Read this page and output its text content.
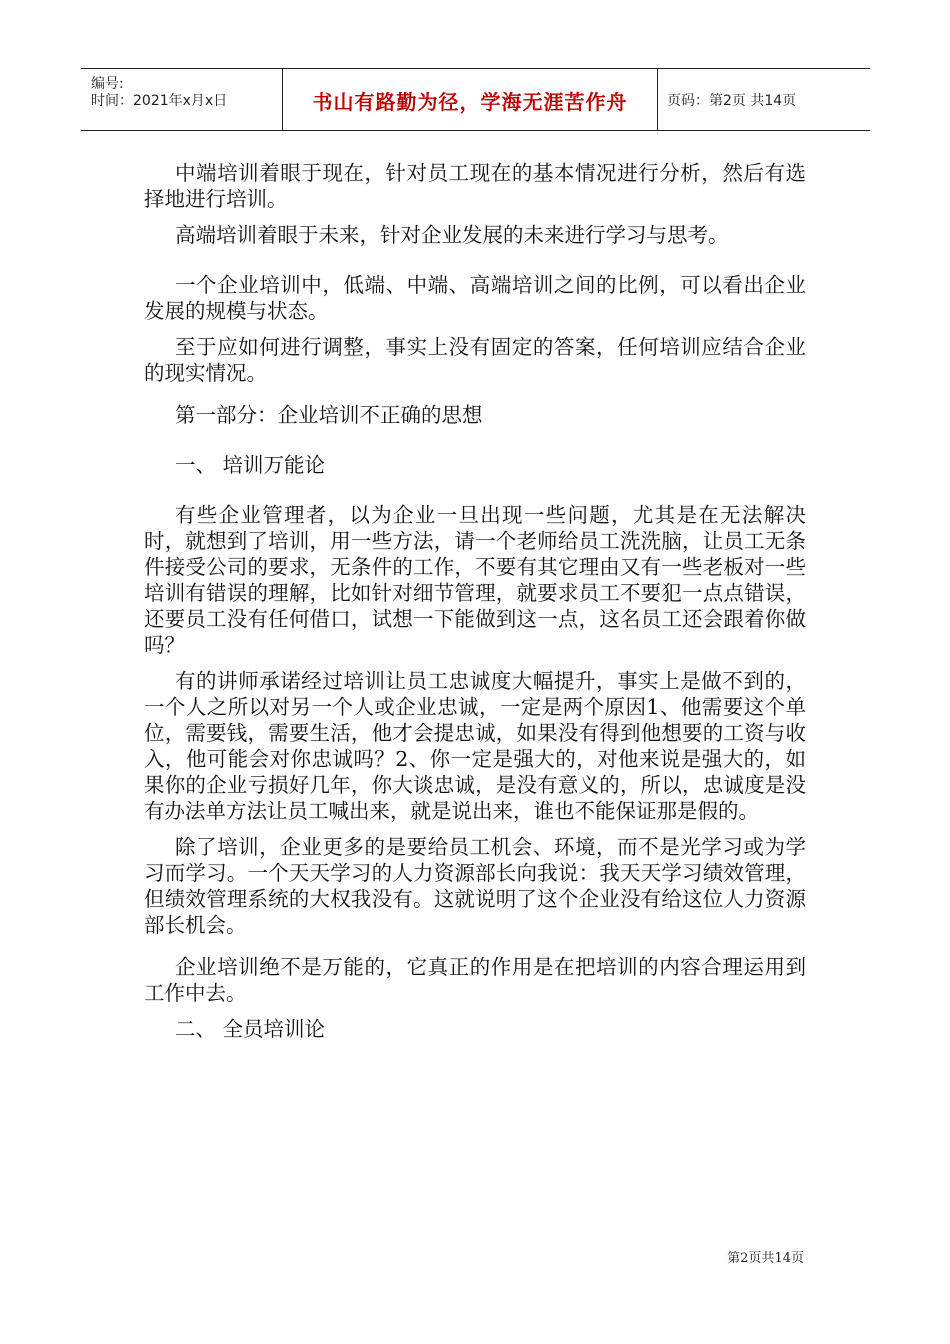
编号:
时间：2021年x月x日	书山有路勤为径，学海无涯苦作舟	页码：第2页 共14页

中端培训着眼于现在，针对员工现在的基本情况进行分析，然后有选择地进行培训。

高端培训着眼于未来，针对企业发展的未来进行学习与思考。

一个企业培训中，低端、中端、高端培训之间的比例，可以看出企业发展的规模与状态。

至于应如何进行调整，事实上没有固定的答案，任何培训应结合企业的现实情况。

第一部分：企业培训不正确的思想

一、 培训万能论

有些企业管理者，以为企业一旦出现一些问题，尤其是在无法解决时，就想到了培训，用一些方法，请一个老师给员工洗洗脑，让员工无条件接受公司的要求，无条件的工作，不要有其它理由又有一些老板对一些培训有错误的理解，比如针对细节管理，就要求员工不要犯一点点错误，还要员工没有任何借口，试想一下能做到这一点，这名员工还会跟着你做吗？

有的讲师承诺经过培训让员工忠诚度大幅提升，事实上是做不到的，一个人之所以对另一个人或企业忠诚，一定是两个原因1、他需要这个单位，需要钱，需要生活，他才会提忠诚，如果没有得到他想要的工资与收入，他可能会对你忠诚吗？2、你一定是强大的，对他来说是强大的，如果你的企业亏损好几年，你大谈忠诚，是没有意义的，所以，忠诚度是没有办法单方法让员工喊出来，就是说出来，谁也不能保证那是假的。

除了培训，企业更多的是要给员工机会、环境，而不是光学习或为学习而学习。一个天天学习的人力资源部长向我说：我天天学习绩效管理，但绩效管理系统的大权我没有。这就说明了这个企业没有给这位人力资源部长机会。

企业培训绝不是万能的，它真正的作用是在把培训的内容合理运用到工作中去。

二、 全员培训论

第2页共14页
